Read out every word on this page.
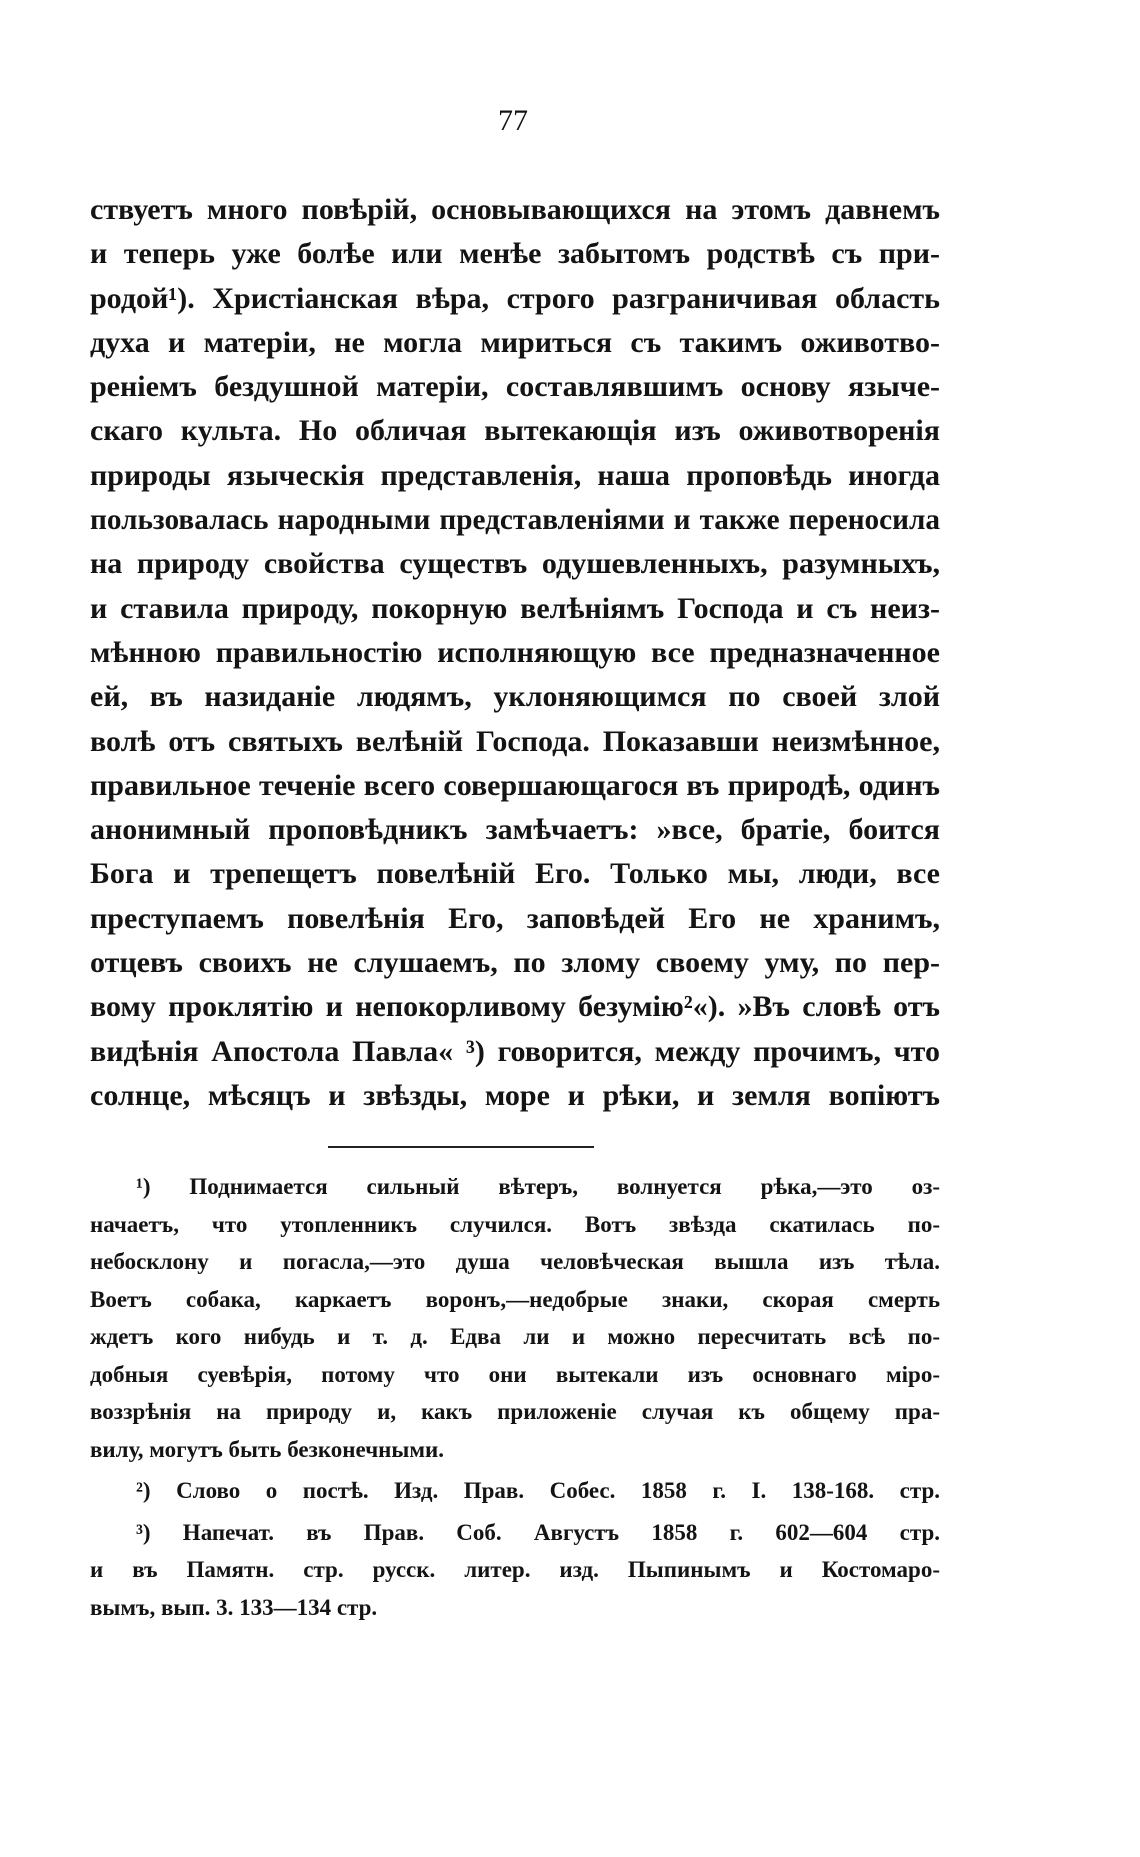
77
ствуетъ много повѣрій, основывающихся на этомъ давнемъ
и теперь уже болѣе или менѣе забытомъ родствѣ съ при-
родой¹). Христіанская вѣра, строго разграничивая область
духа и матеріи, не могла мириться съ такимъ оживотво-
реніемъ бездушной матеріи, составлявшимъ основу языче-
скаго культа. Но обличая вытекающія изъ оживотворенія
природы языческія представленія, наша проповѣдь иногда
пользовалась народными представленіями и также переносила
на природу свойства существъ одушевленныхъ, разумныхъ,
и ставила природу, покорную велѣніямъ Господа и съ неиз-
мѣнною правильностію исполняющую все предназначенное
ей, въ назиданіе людямъ, уклоняющимся по своей злой
волѣ отъ святыхъ велѣній Господа. Показавши неизмѣнное,
правильное теченіе всего совершающагося въ природѣ, одинъ
анонимный проповѣдникъ замѣчаетъ: »все, братіе, боится
Бога и трепещетъ повелѣній Его. Только мы, люди, все
преступаемъ повелѣнія Его, заповѣдей Его не хранимъ,
отцевъ своихъ не слушаемъ, по злому своему уму, по пер-
вому проклятію и непокорливому безумію²«). »Въ словѣ отъ
видѣнія Апостола Павла« ³) говорится, между прочимъ, что
солнце, мѣсяцъ и звѣзды, море и рѣки, и земля вопіютъ
¹) Поднимается сильный вѣтеръ, волнуется рѣка,—это оз-
начаетъ, что утопленникъ случился. Вотъ звѣзда скатилась по-
небосклону и погасла,—это душа человѣческая вышла изъ тѣла.
Воетъ собака, каркаетъ воронъ,—недобрые знаки, скорая смерть
ждетъ кого нибудь и т. д. Едва ли и можно пересчитать всѣ по-
добныя суевѣрія, потому что они вытекали изъ основнаго міро-
воззрѣнія на природу и, какъ приложеніе случая къ общему пра-
вилу, могутъ быть безконечными.
²) Слово о постѣ. Изд. Прав. Собес. 1858 г. I. 138-168. стр.
³) Напечат. въ Прав. Соб. Августъ 1858 г. 602—604 стр.
и въ Памятн. стр. русск. литер. изд. Пыпинымъ и Костомаро-
вымъ, вып. 3. 133—134 стр.
